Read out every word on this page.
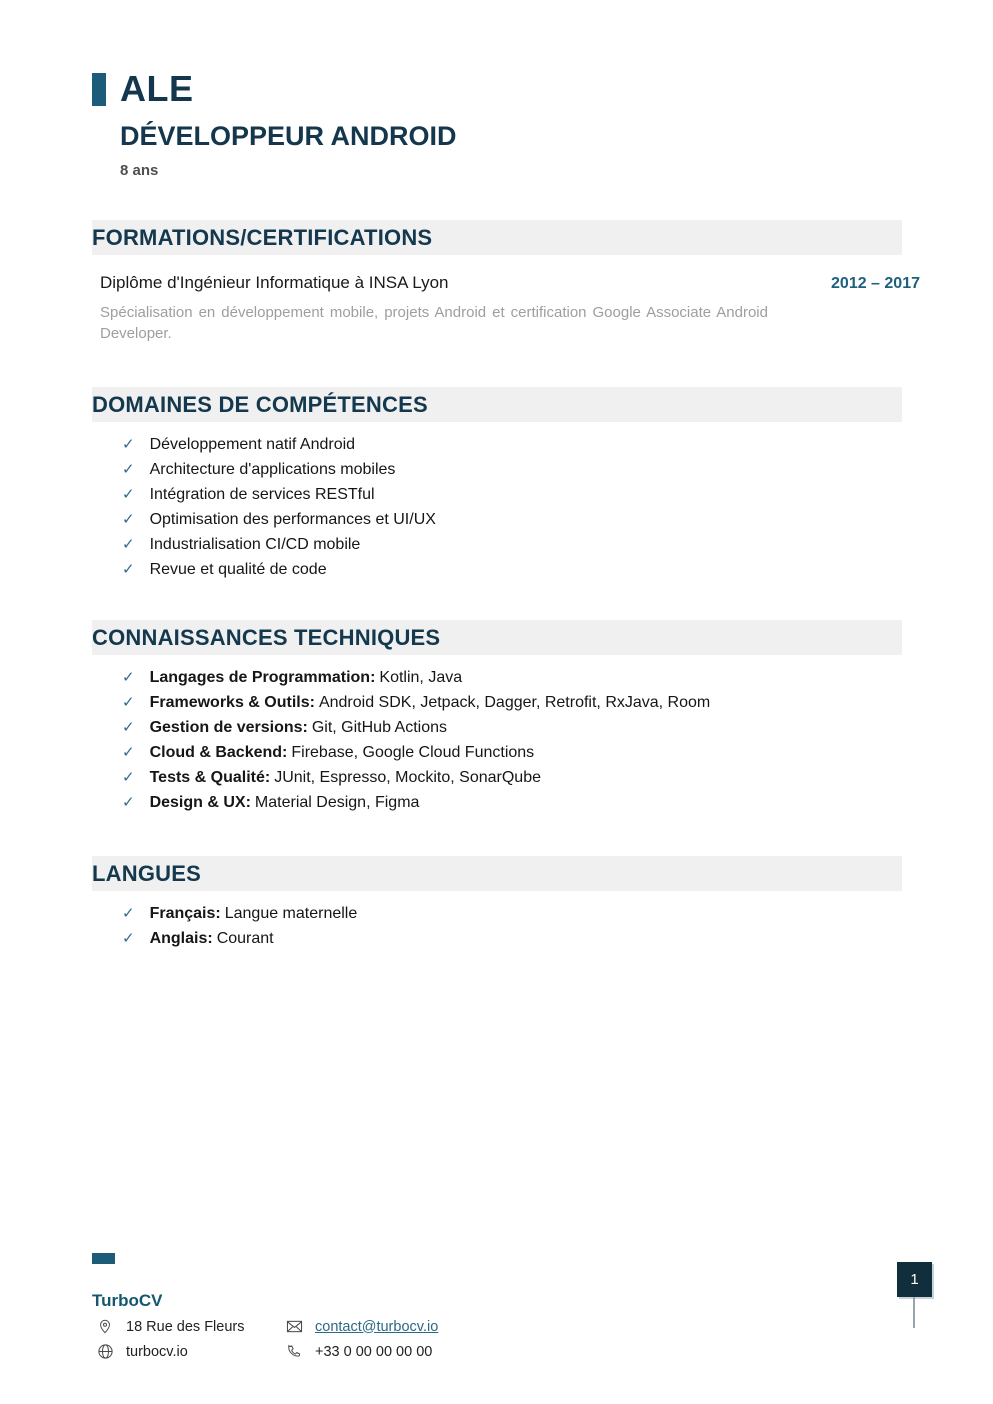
ALE
DÉVELOPPEUR ANDROID
8 ans
FORMATIONS/CERTIFICATIONS
Diplôme d'Ingénieur Informatique à INSA Lyon	2012 – 2017
Spécialisation en développement mobile, projets Android et certification Google Associate Android Developer.
DOMAINES DE COMPÉTENCES
✓ Développement natif Android
✓ Architecture d'applications mobiles
✓ Intégration de services RESTful
✓ Optimisation des performances et UI/UX
✓ Industrialisation CI/CD mobile
✓ Revue et qualité de code
CONNAISSANCES TECHNIQUES
✓ Langages de Programmation: Kotlin, Java
✓ Frameworks & Outils: Android SDK, Jetpack, Dagger, Retrofit, RxJava, Room
✓ Gestion de versions: Git, GitHub Actions
✓ Cloud & Backend: Firebase, Google Cloud Functions
✓ Tests & Qualité: JUnit, Espresso, Mockito, SonarQube
✓ Design & UX: Material Design, Figma
LANGUES
✓ Français: Langue maternelle
✓ Anglais: Courant
TurboCV
18 Rue des Fleurs	contact@turbocv.io
turbocv.io	+33 0 00 00 00 00
1
